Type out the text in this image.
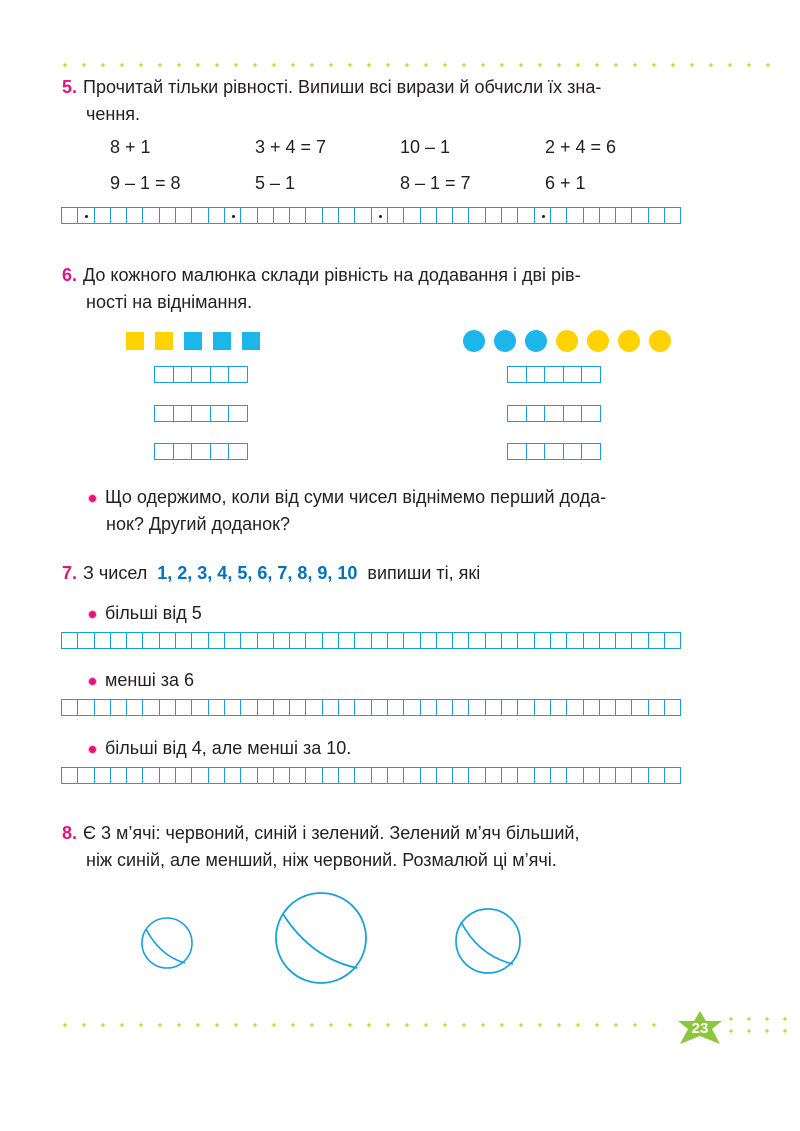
5. Прочитай тільки рівності. Випиши всі вирази й обчисли їх зна-
чення.
8 + 1	3 + 4 = 7	10 – 1	2 + 4 = 6
9 – 1 = 8	5 – 1	8 – 1 = 7	6 + 1
6. До кожного малюнка склади рівність на додавання і дві рів-
ності на віднімання.
Що одержимо, коли від суми чисел віднімемо перший дода-
нок? Другий доданок?
7. З чисел 1, 2, 3, 4, 5, 6, 7, 8, 9, 10 випиши ті, які
більші від 5
менші за 6
більші від 4, але менші за 10.
8. Є 3 м’ячі: червоний, синій і зелений. Зелений м’яч більший,
ніж синій, але менший, ніж червоний. Розмалюй ці м’ячі.
23
